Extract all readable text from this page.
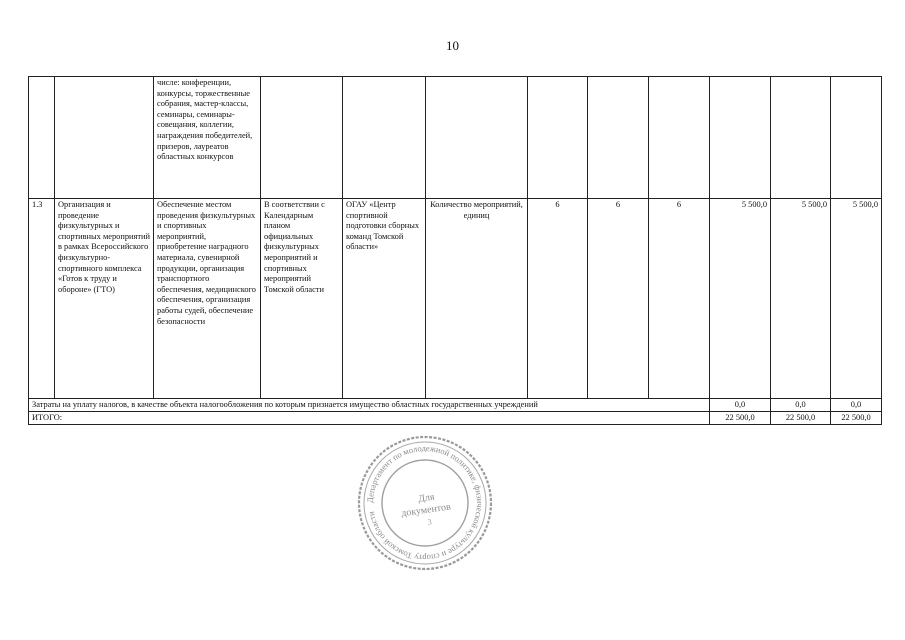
10
		числе: конференции, конкурсы, торжественные собрания, мастер-классы, семинары, семинары-совещания, коллегии, награждения победителей, призеров, лауреатов областных конкурсов									
1.3	Организация и проведение физкультурных и спортивных мероприятий в рамках Всероссийского физкультурно-спортивного комплекса «Готов к труду и обороне» (ГТО)	Обеспечение местом проведения физкультурных и спортивных мероприятий, приобретение наградного материала, сувенирной продукции, организация транспортного обеспечения, медицинского обеспечения, организация работы судей, обеспечение безопасности	В соответствии с Календарным планом официальных физкультурных мероприятий и спортивных мероприятий Томской области	ОГАУ «Центр спортивной подготовки сборных команд Томской области»	Количество мероприятий, единиц	6	6	6	5 500,0	5 500,0	5 500,0
Затраты на уплату налогов, в качестве объекта налогообложения по которым признается имущество областных государственных учреждений									0,0	0,0	0,0
ИТОГО:									22 500,0	22 500,0	22 500,0
Департамент по молодежной политике, физической культуре и спорту Томской области
Для
документов
3
